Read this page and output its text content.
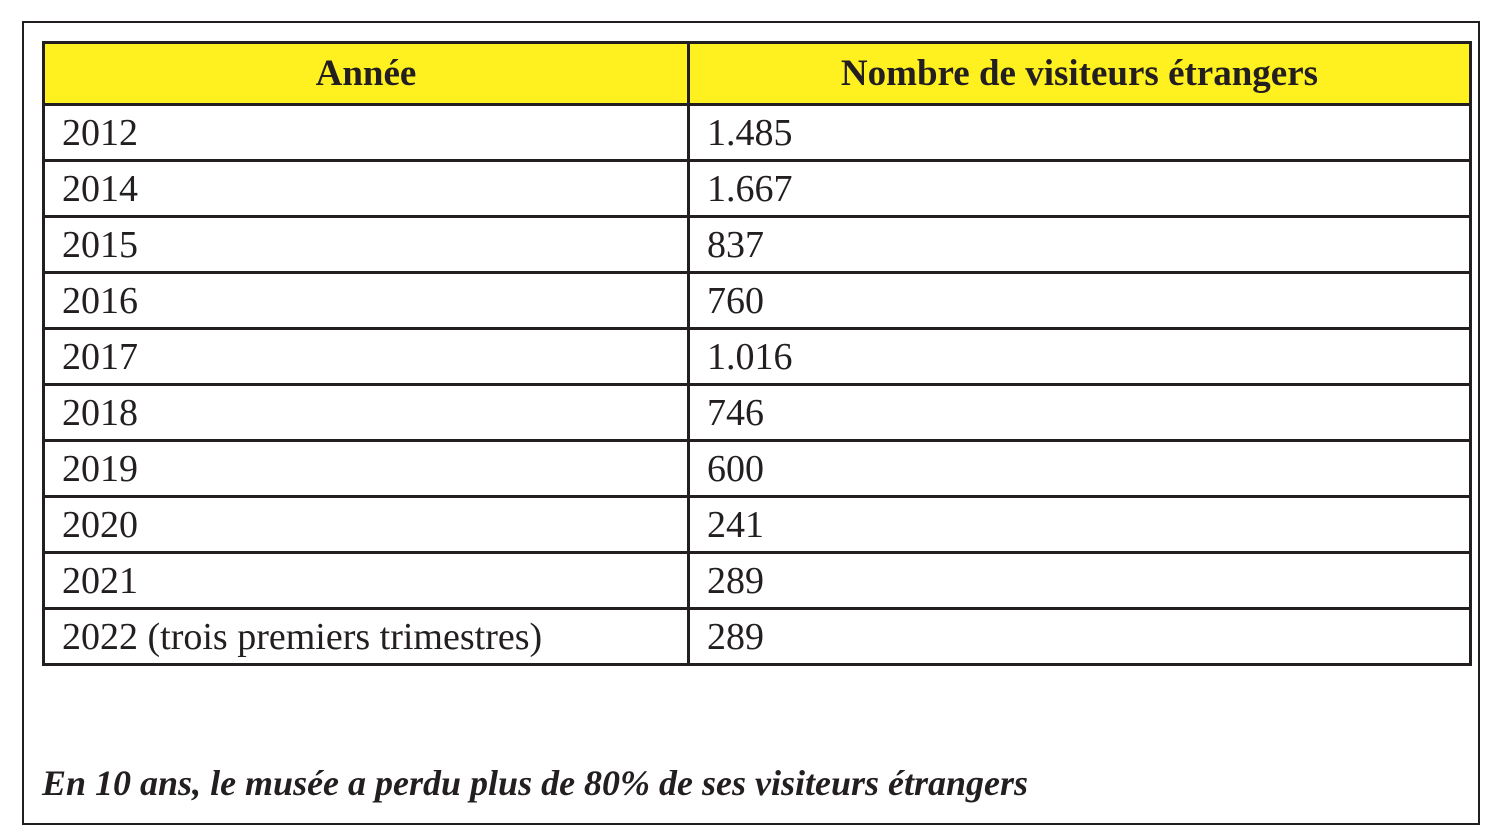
Année	Nombre de visiteurs étrangers
2012	1.485
2014	1.667
2015	837
2016	760
2017	1.016
2018	746
2019	600
2020	241
2021	289
2022 (trois premiers trimestres)	289
En 10 ans, le musée a perdu plus de 80% de ses visiteurs étrangers
